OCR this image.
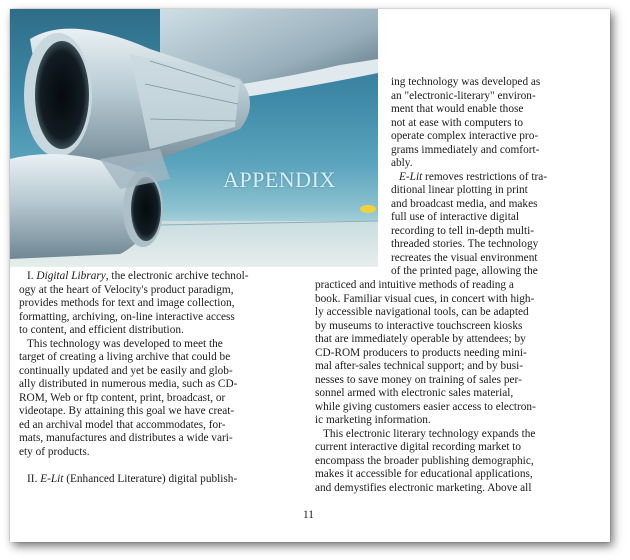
APPENDIX
I. Digital Library, the electronic archive technol-
ogy at the heart of Velocity's product paradigm,
provides methods for text and image collection,
formatting, archiving, on-line interactive access
to content, and efficient distribution.
This technology was developed to meet the
target of creating a living archive that could be
continually updated and yet be easily and glob-
ally distributed in numerous media, such as CD-
ROM, Web or ftp content, print, broadcast, or
videotape. By attaining this goal we have creat-
ed an archival model that accommodates, for-
mats, manufactures and distributes a wide vari-
ety of products.

II. E-Lit (Enhanced Literature) digital publish-
ing technology was developed as
an "electronic-literary" environ-
ment that would enable those
not at ease with computers to
operate complex interactive pro-
grams immediately and comfort-
ably.
E-Lit removes restrictions of tra-
ditional linear plotting in print
and broadcast media, and makes
full use of interactive digital
recording to tell in-depth multi-
threaded stories. The technology
recreates the visual environment
of the printed page, allowing the
practiced and intuitive methods of reading a
book. Familiar visual cues, in concert with high-
ly accessible navigational tools, can be adapted
by museums to interactive touchscreen kiosks
that are immediately operable by attendees; by
CD-ROM producers to products needing mini-
mal after-sales technical support; and by busi-
nesses to save money on training of sales per-
sonnel armed with electronic sales material,
while giving customers easier access to electron-
ic marketing information.
This electronic literary technology expands the
current interactive digital recording market to
encompass the broader publishing demographic,
makes it accessible for educational applications,
and demystifies electronic marketing. Above all
11
